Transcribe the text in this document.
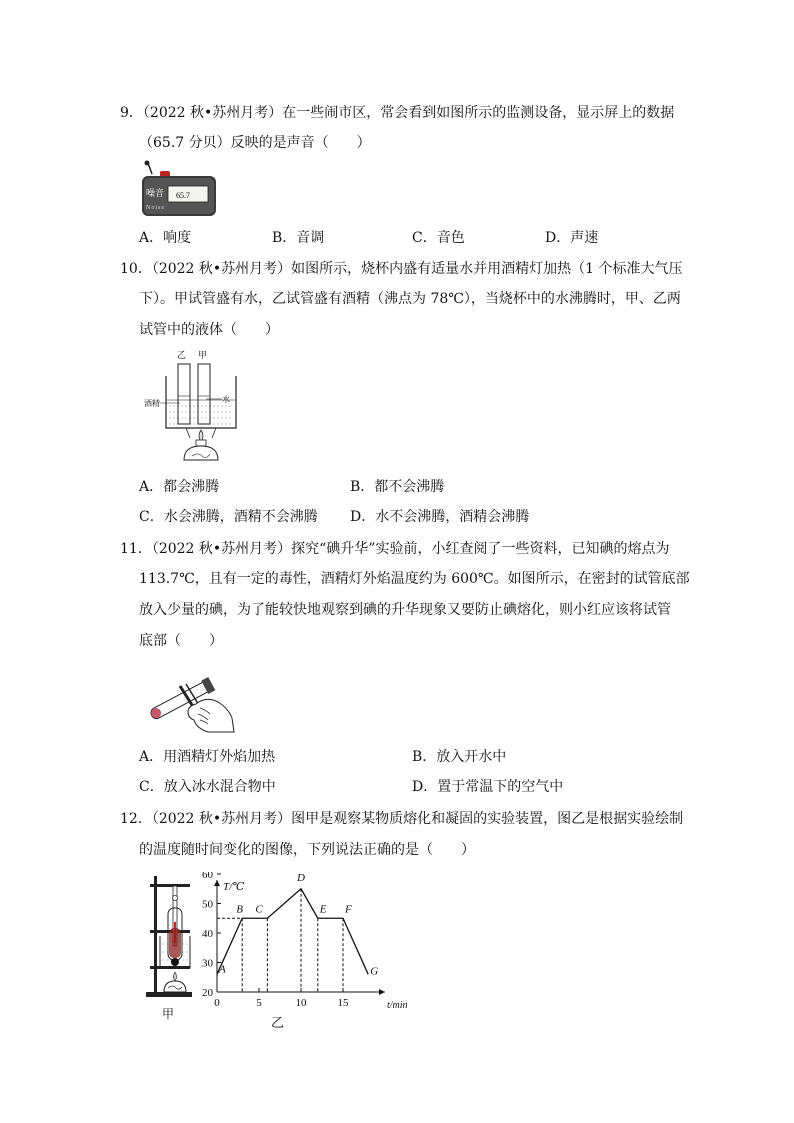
9．（2022 秋•苏州月考）在一些闹市区，常会看到如图所示的监测设备，显示屏上的数据
（65.7 分贝）反映的是声音（　　）
噪音
Noise
65.7
A．响度	B．音调	C．音色	D．声速
10．（2022 秋•苏州月考）如图所示，烧杯内盛有适量水并用酒精灯加热（1 个标准大气压
下）。甲试管盛有水，乙试管盛有酒精（沸点为 78℃），当烧杯中的水沸腾时，甲、乙两
试管中的液体（　　）
乙 甲
酒精	水
A．都会沸腾	B．都不会沸腾
C．水会沸腾，酒精不会沸腾 D．水不会沸腾，酒精会沸腾
11．（2022 秋•苏州月考）探究“碘升华”实验前，小红查阅了一些资料，已知碘的熔点为
113.7℃，且有一定的毒性，酒精灯外焰温度约为 600℃。如图所示，在密封的试管底部
放入少量的碘，为了能较快地观察到碘的升华现象又要防止碘熔化，则小红应该将试管
底部（　　）
A．用酒精灯外焰加热	B．放入开水中
C．放入冰水混合物中	D．置于常温下的空气中
12．（2022 秋•苏州月考）图甲是观察某物质熔化和凝固的实验装置，图乙是根据实验绘制
的温度随时间变化的图像，下列说法正确的是（　　）
甲
T/℃
t/min
20
30
40
50
60
0	5	10	15
A
B C
D
E F
G
乙
